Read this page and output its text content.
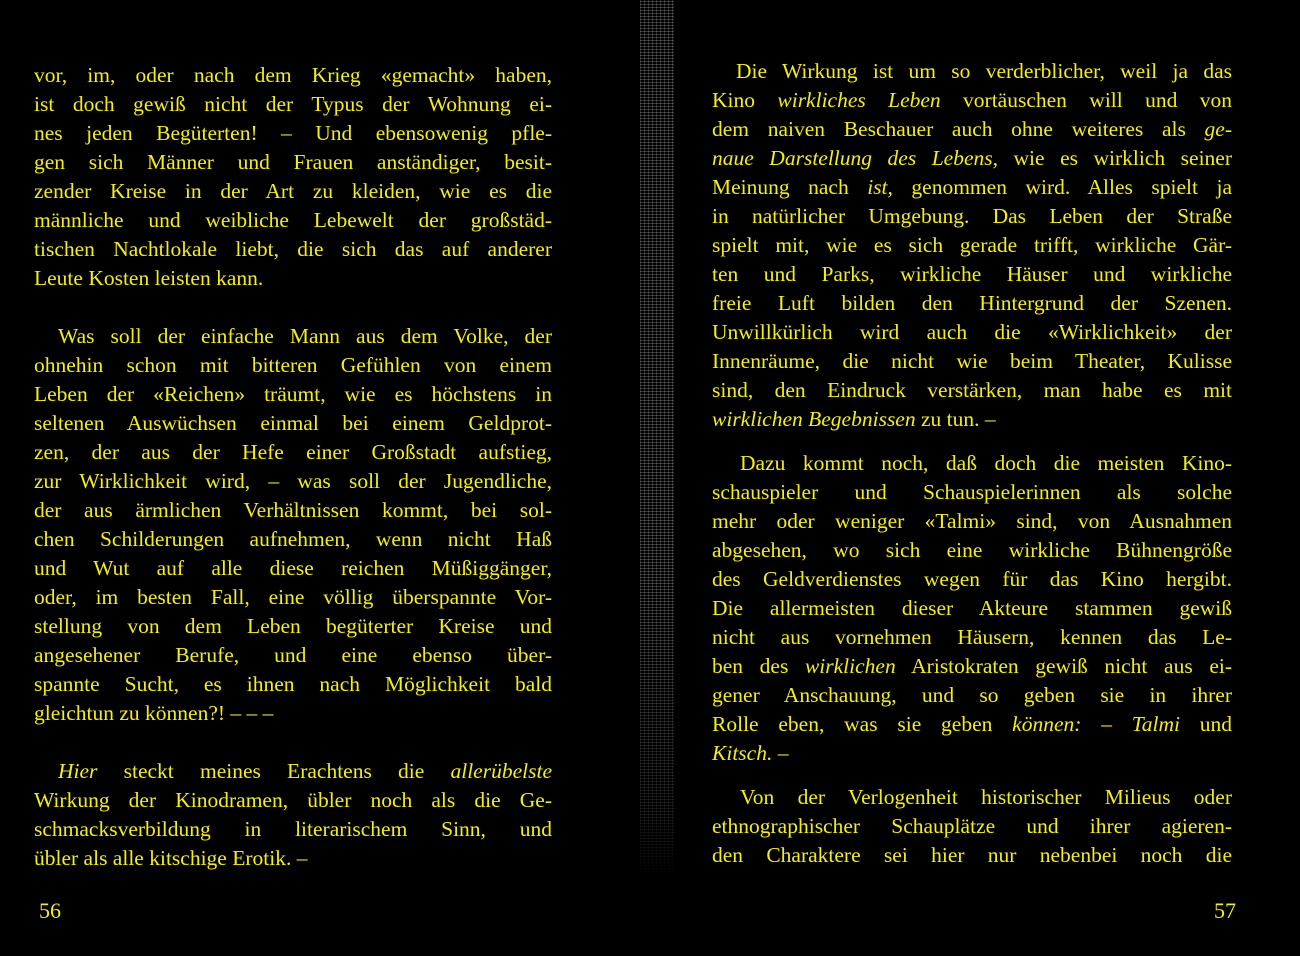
vor, im, oder nach dem Krieg «gemacht» haben,
ist doch gewiß nicht der Typus der Wohnung ei-
nes jeden Begüterten! – Und ebensowenig pfle-
gen sich Männer und Frauen anständiger, besit-
zender Kreise in der Art zu kleiden, wie es die
männliche und weibliche Lebewelt der großstäd-
tischen Nachtlokale liebt, die sich das auf anderer
Leute Kosten leisten kann.
Was soll der einfache Mann aus dem Volke, der
ohnehin schon mit bitteren Gefühlen von einem
Leben der «Reichen» träumt, wie es höchstens in
seltenen Auswüchsen einmal bei einem Geldprot-
zen, der aus der Hefe einer Großstadt aufstieg,
zur Wirklichkeit wird, – was soll der Jugendliche,
der aus ärmlichen Verhältnissen kommt, bei sol-
chen Schilderungen aufnehmen, wenn nicht Haß
und Wut auf alle diese reichen Müßiggänger,
oder, im besten Fall, eine völlig überspannte Vor-
stellung von dem Leben begüterter Kreise und
angesehener Berufe, und eine ebenso über-
spannte Sucht, es ihnen nach Möglichkeit bald
gleichtun zu können?! – – –
Hier steckt meines Erachtens die allerübelste
Wirkung der Kinodramen, übler noch als die Ge-
schmacksverbildung in literarischem Sinn, und
übler als alle kitschige Erotik. –

56

Die Wirkung ist um so verderblicher, weil ja das
Kino wirkliches Leben vortäuschen will und von
dem naiven Beschauer auch ohne weiteres als ge-
naue Darstellung des Lebens, wie es wirklich seiner
Meinung nach ist, genommen wird. Alles spielt ja
in natürlicher Umgebung. Das Leben der Straße
spielt mit, wie es sich gerade trifft, wirkliche Gär-
ten und Parks, wirkliche Häuser und wirkliche
freie Luft bilden den Hintergrund der Szenen.
Unwillkürlich wird auch die «Wirklichkeit» der
Innenräume, die nicht wie beim Theater, Kulisse
sind, den Eindruck verstärken, man habe es mit
wirklichen Begebnissen zu tun. –
Dazu kommt noch, daß doch die meisten Kino-
schauspieler und Schauspielerinnen als solche
mehr oder weniger «Talmi» sind, von Ausnahmen
abgesehen, wo sich eine wirkliche Bühnengröße
des Geldverdienstes wegen für das Kino hergibt.
Die allermeisten dieser Akteure stammen gewiß
nicht aus vornehmen Häusern, kennen das Le-
ben des wirklichen Aristokraten gewiß nicht aus ei-
gener Anschauung, und so geben sie in ihrer
Rolle eben, was sie geben können: – Talmi und
Kitsch. –
Von der Verlogenheit historischer Milieus oder
ethnographischer Schauplätze und ihrer agieren-
den Charaktere sei hier nur nebenbei noch die

57
